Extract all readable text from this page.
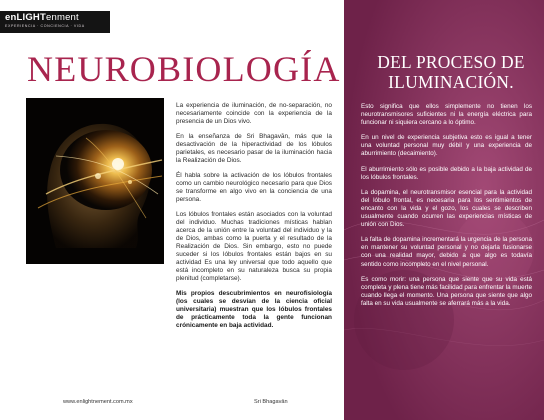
enLIGHTenment
EXPERIENCIA · CONCIENCIA · VIDA
NEUROBIOLOGÍA

La experiencia de iluminación, de no-separación, no necesariamente coincide con la experiencia de la presencia de un Dios vivo.

En la enseñanza de Sri Bhagavān, más que la desactivación de la hiperactividad de los lóbulos parietales, es necesario pasar de la iluminación hacia la Realización de Dios.

Él habla sobre la activación de los lóbulos frontales como un cambio neurológico necesario para que Dios se transforme en algo vivo en la conciencia de una persona.

Los lóbulos frontales están asociados con la voluntad del individuo. Muchas tradiciones místicas hablan acerca de la unión entre la voluntad del individuo y la de Dios, ambas como la puerta y el resultado de la Realización de Dios. Sin embargo, esto no puede suceder si los lóbulos frontales están bajos en su actividad Es una ley universal que todo aquello que está incompleto en su naturaleza busca su propia plenitud (completarse).

Mis propios descubrimientos en neurofisiología (los cuales se desvían de la ciencia oficial universitaria) muestran que los lóbulos frontales de prácticamente toda la gente funcionan crónicamente en baja actividad.

www.enlightnement.com.mx	Sri Bhagavān
DEL PROCESO DE
ILUMINACIÓN.

Esto significa que ellos simplemente no tienen los neurotransmisores suficientes ni la energía eléctrica para funcionar ni siquiera cercano a lo óptimo.

En un nivel de experiencia subjetiva esto es igual a tener una voluntad personal muy débil y una experiencia de aburrimiento (decaimiento).

El aburrimiento sólo es posible debido a la baja actividad de los lóbulos frontales.

La dopamina, el neurotransmisor esencial para la actividad del lóbulo frontal, es necesaria para los sentimientos de encanto con la vida y el gozo, los cuales se describen usualmente cuando ocurren las experiencias místicas de unión con Dios.

La falta de dopamina incrementará la urgencia de la persona en mantener su voluntad personal y no dejarla fusionarse con una realidad mayor, debido a que algo es todavía sentido como incompleto en el nivel personal.

Es como morir: una persona que siente que su vida está completa y plena tiene más facilidad para enfrentar la muerte cuando llega el momento. Una persona que siente que algo falta en su vida usualmente se aferrará más a la vida.
